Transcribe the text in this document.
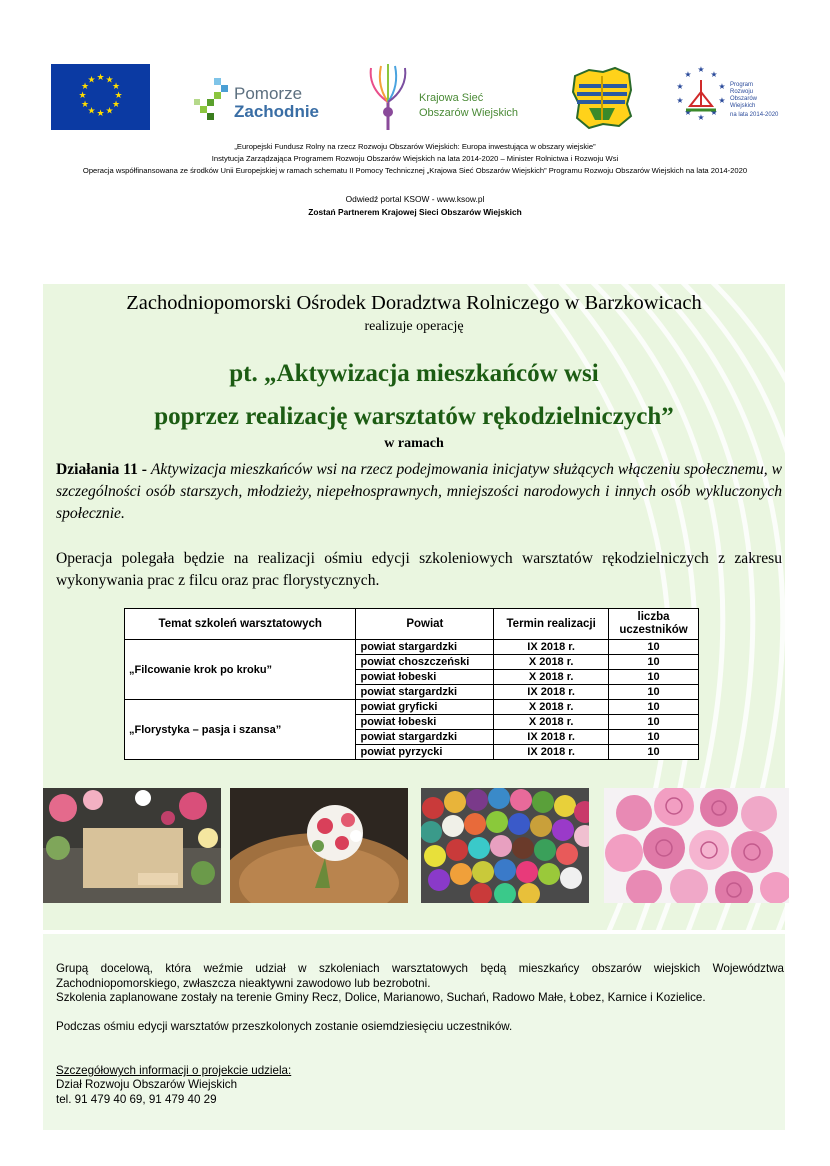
★ ★
★
★
★
★
★
★
★
★
★
★
Pomorze
Zachodnie
Krajowa Sieć
Obszarów Wiejskich
★
★
★
★
★
★
★
★
★
★
Program
Rozwoju
Obszarów
Wiejskich
na lata 2014-2020
„Europejski Fundusz Rolny na rzecz Rozwoju Obszarów Wiejskich: Europa inwestująca w obszary wiejskie”
Instytucja Zarządzająca Programem Rozwoju Obszarów Wiejskich na lata 2014-2020 – Minister Rolnictwa i Rozwoju Wsi
Operacja współfinansowana ze środków Unii Europejskiej w ramach schematu II Pomocy Technicznej „Krajowa Sieć Obszarów Wiejskich” Programu Rozwoju Obszarów Wiejskich na lata 2014-2020
Odwiedź portal KSOW - www.ksow.pl
Zostań Partnerem Krajowej Sieci Obszarów Wiejskich
Zachodniopomorski Ośrodek Doradztwa Rolniczego w Barzkowicach
realizuje operację
pt. „Aktywizacja mieszkańców wsi
poprzez realizację warsztatów rękodzielniczych”
w ramach
Działania 11 - Aktywizacja mieszkańców wsi na rzecz podejmowania inicjatyw służących włączeniu społecznemu, w szczególności osób starszych, młodzieży, niepełnosprawnych, mniejszości narodowych i innych osób wykluczonych społecznie.
Operacja polegała będzie na realizacji ośmiu edycji szkoleniowych warsztatów rękodzielniczych z zakresu wykonywania prac z filcu oraz prac florystycznych.
Temat szkoleń warsztatowych	Powiat	Termin realizacji	liczba uczestników
„Filcowanie krok po kroku”	powiat stargardzki	IX 2018 r.	10
	powiat choszczeński	X 2018 r.	10
	powiat łobeski	X 2018 r.	10
	powiat stargardzki	IX 2018 r.	10
„Florystyka – pasja i szansa”	powiat gryficki	X 2018 r.	10
	powiat łobeski	X 2018 r.	10
	powiat stargardzki	IX 2018 r.	10
	powiat pyrzycki	IX 2018 r.	10
Grupą docelową, która weźmie udział w szkoleniach warsztatowych będą mieszkańcy obszarów wiejskich Województwa Zachodniopomorskiego, zwłaszcza nieaktywni zawodowo lub bezrobotni.
Szkolenia zaplanowane zostały na terenie Gminy Recz, Dolice, Marianowo, Suchań, Radowo Małe, Łobez, Karnice i Kozielice.
Podczas ośmiu edycji warsztatów przeszkolonych zostanie osiemdziesięciu uczestników.
Szczegółowych informacji o projekcie udziela:
Dział Rozwoju Obszarów Wiejskich
tel. 91 479 40 69, 91 479 40 29
